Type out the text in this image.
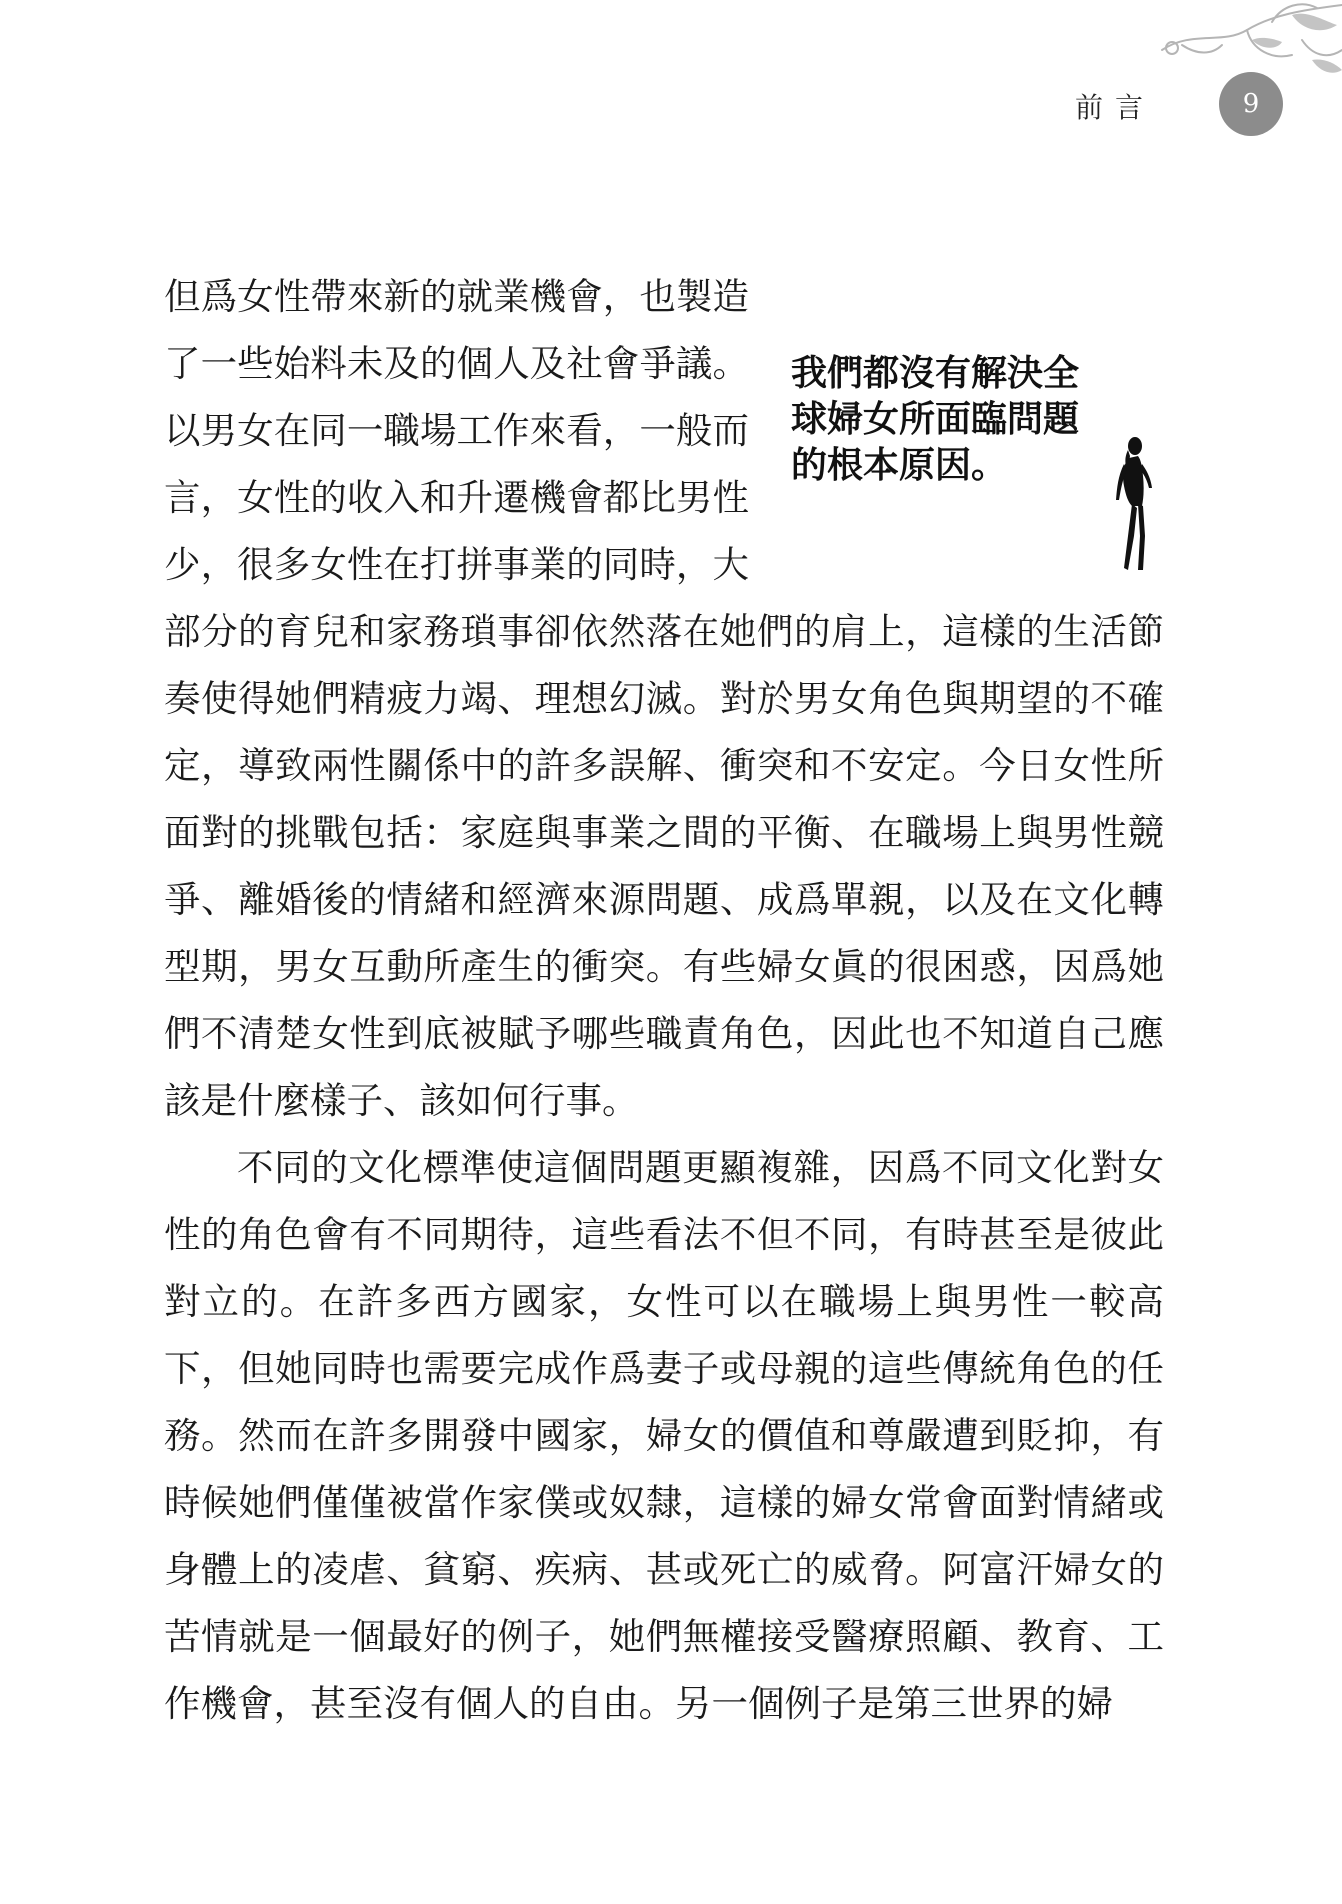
前言	9
我們都沒有解決全球婦女所面臨問題的根本原因。

但爲女性帶來新的就業機會，也製造了一些始料未及的個人及社會爭議。以男女在同一職場工作來看，一般而言，女性的收入和升遷機會都比男性少，很多女性在打拼事業的同時，大部分的育兒和家務瑣事卻依然落在她們的肩上，這樣的生活節奏使得她們精疲力竭、理想幻滅。對於男女角色與期望的不確定，導致兩性關係中的許多誤解、衝突和不安定。今日女性所面對的挑戰包括：家庭與事業之間的平衡、在職場上與男性競爭、離婚後的情緒和經濟來源問題、成爲單親，以及在文化轉型期，男女互動所產生的衝突。有些婦女眞的很困惑，因爲她們不清楚女性到底被賦予哪些職責角色，因此也不知道自己應該是什麼樣子、該如何行事。

不同的文化標準使這個問題更顯複雜，因爲不同文化對女性的角色會有不同期待，這些看法不但不同，有時甚至是彼此對立的。在許多西方國家，女性可以在職場上與男性一較高下，但她同時也需要完成作爲妻子或母親的這些傳統角色的任務。然而在許多開發中國家，婦女的價值和尊嚴遭到貶抑，有時候她們僅僅被當作家僕或奴隸，這樣的婦女常會面對情緒或身體上的凌虐、貧窮、疾病、甚或死亡的威脅。阿富汗婦女的苦情就是一個最好的例子，她們無權接受醫療照顧、教育、工作機會，甚至沒有個人的自由。另一個例子是第三世界的婦
